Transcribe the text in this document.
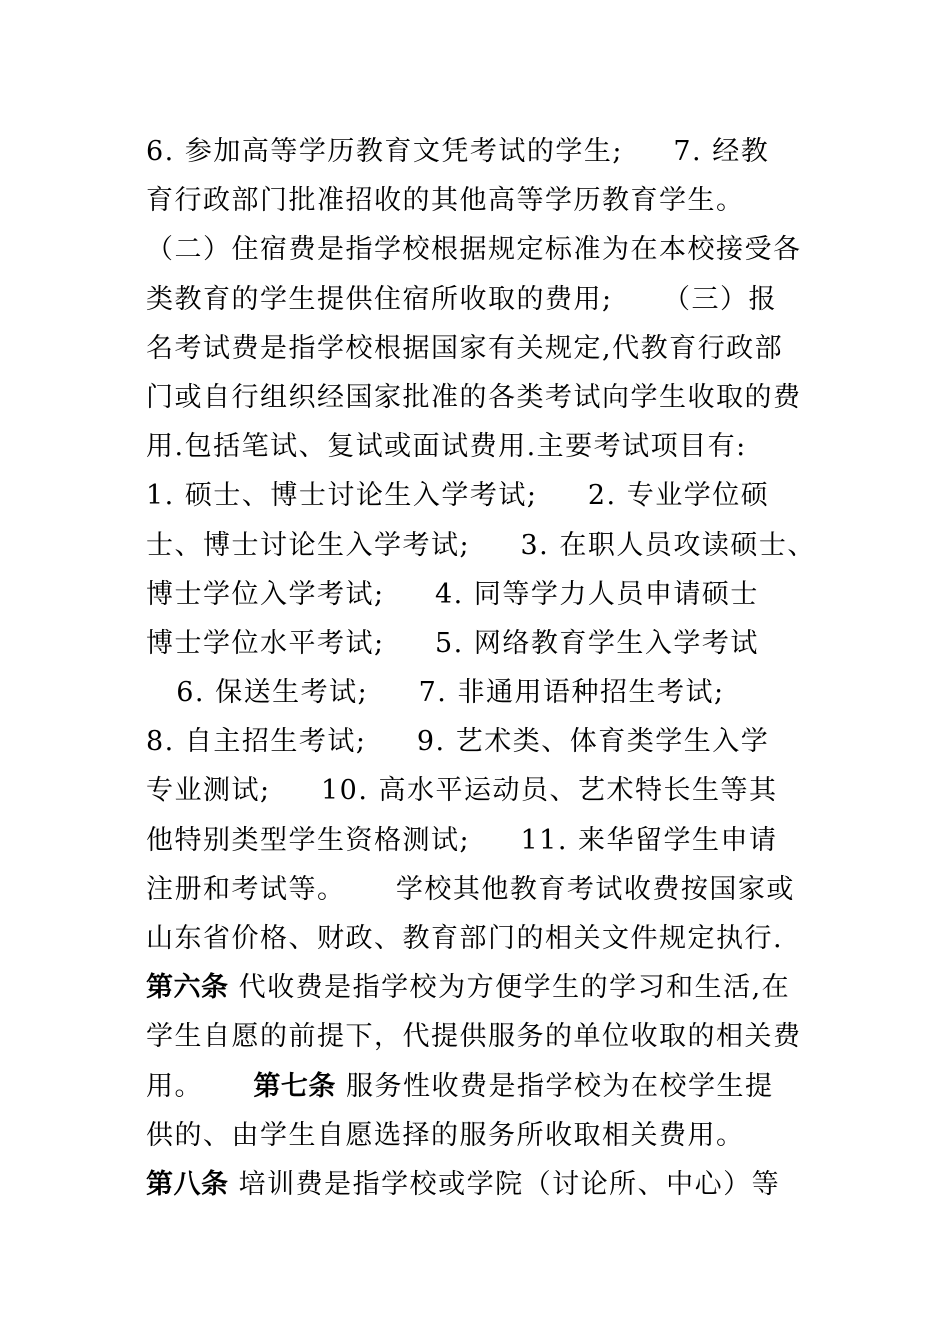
6. 参加高等学历教育文凭考试的学生;     7. 经教
育行政部门批准招收的其他高等学历教育学生。
（二）住宿费是指学校根据规定标准为在本校接受各
类教育的学生提供住宿所收取的费用;     （三）报
名考试费是指学校根据国家有关规定,代教育行政部
门或自行组织经国家批准的各类考试向学生收取的费
用.包括笔试、复试或面试费用.主要考试项目有:
1. 硕士、博士讨论生入学考试;     2. 专业学位硕
士、博士讨论生入学考试;     3. 在职人员攻读硕士、
博士学位入学考试;     4. 同等学力人员申请硕士
博士学位水平考试;     5. 网络教育学生入学考试
6. 保送生考试;     7. 非通用语种招生考试;
8. 自主招生考试;     9. 艺术类、体育类学生入学
专业测试;     10. 高水平运动员、艺术特长生等其
他特别类型学生资格测试;     11. 来华留学生申请
注册和考试等。     学校其他教育考试收费按国家或
山东省价格、财政、教育部门的相关文件规定执行.
第六条 代收费是指学校为方便学生的学习和生活,在
学生自愿的前提下，代提供服务的单位收取的相关费
用。     第七条 服务性收费是指学校为在校学生提
供的、由学生自愿选择的服务所收取相关费用。
第八条 培训费是指学校或学院（讨论所、中心）等
